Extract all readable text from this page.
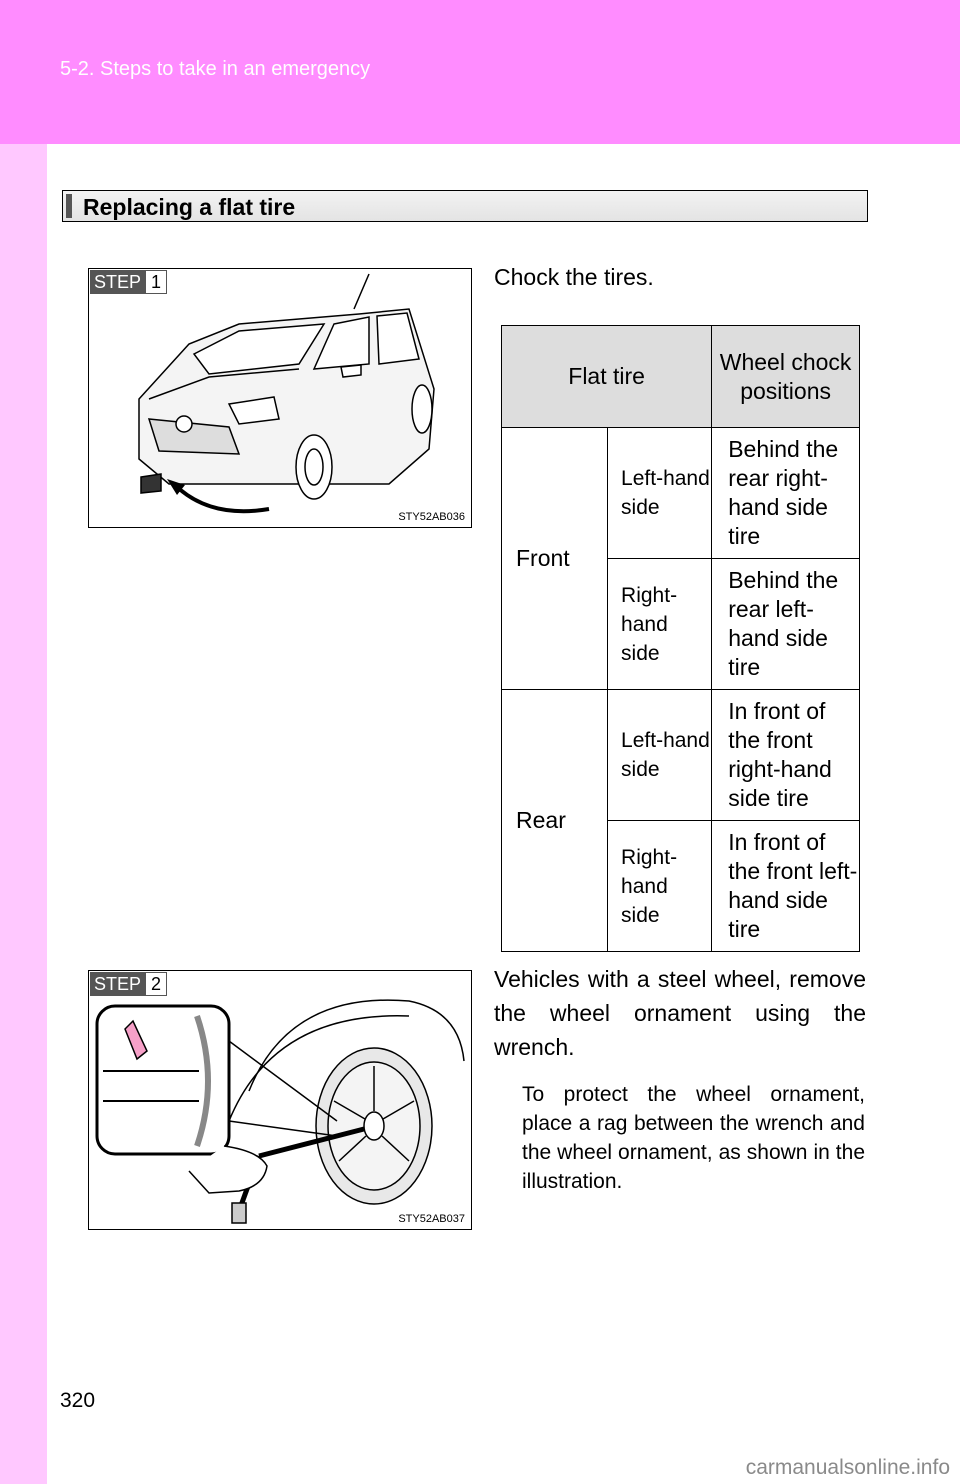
5-2. Steps to take in an emergency
Replacing a flat tire
STEP 1
STY52AB036
Chock the tires.
Flat tire		Wheel chock positions
Front	Left-hand side	Behind the rear right-hand side tire
	Right-hand side	Behind the rear left-hand side tire
Rear	Left-hand side	In front of the front right-hand side tire
	Right-hand side	In front of the front left-hand side tire
STEP 2
STY52AB037
Vehicles with a steel wheel, remove the wheel ornament using the wrench.
To protect the wheel ornament, place a rag between the wrench and the wheel ornament, as shown in the illustration.
320
carmanualsonline.info
